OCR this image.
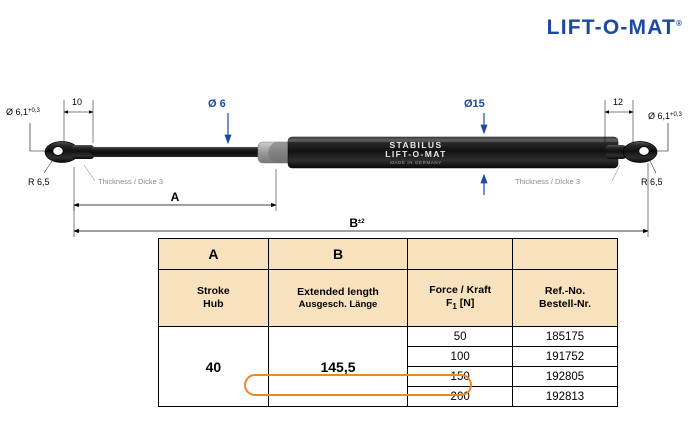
LIFT-O-MAT®
STABILUS
LIFT-O-MAT
MADE IN GERMANY
Ø $6,1^{+0,3}$
10	12
Ø $6,1^{+0,3}$
Ø 6	Ø15
Thickness / Dicke 3	Thickness / Dicke 3
R 6,5	R 6,5
A
$B^{\pm 2}$
A	B		

Stroke
Hub

Extended length
Ausgesch. Länge

Force / Kraft
$F_1$ [N]

Ref.-No.
Bestell-Nr.

40	145,5	50	185175
		100	191752
		150	192805
		200	192813
